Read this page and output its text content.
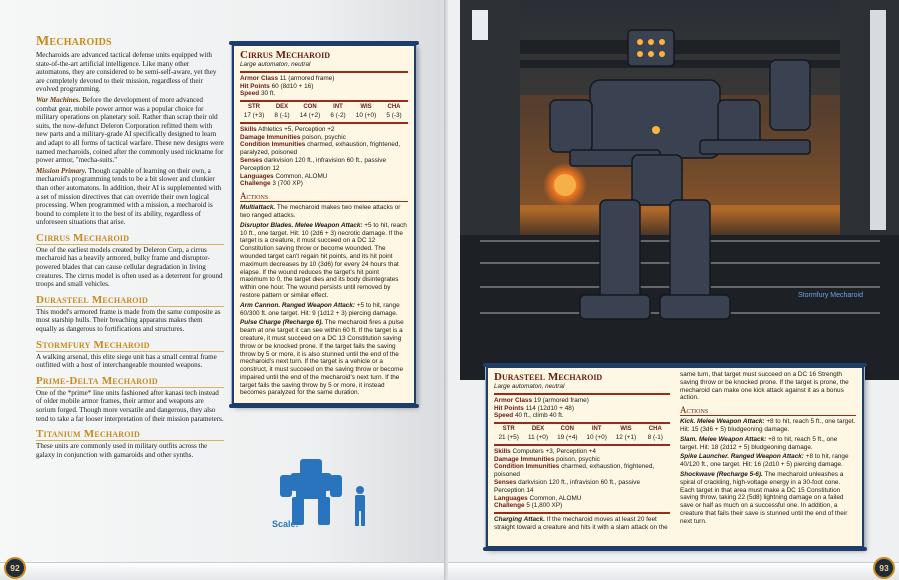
Mecharoids

Mecharoids are advanced tactical defense units equipped with state-of-the-art artificial intelligence. Like many other automatons, they are considered to be semi-self-aware, yet they are completely devoted to their mission, regardless of their evolved programming.

War Machines. Before the development of more advanced combat gear, mobile power armor was a popular choice for military operations on planetary soil. Rather than scrap their old suits, the now-defunct Deleron Corporation refitted them with new parts and a military-grade AI specifically designed to learn and adapt to all forms of tactical warfare. These new designs were named mecharoids, coined after the commonly used nickname for power armor, "mecha-suits."

Mission Primary. Though capable of learning on their own, a mecharoid's programming tends to be a bit slower and clunkier than other automatons. In addition, their AI is supplemented with a set of mission directives that can override their own logical processing. When programmed with a mission, a mecharoid is bound to complete it to the best of its ability, regardless of unforeseen situations that arise.

Cirrus Mecharoid

One of the earliest models created by Deleron Corp, a cirrus mecharoid has a heavily armored, bulky frame and disruptor-powered blades that can cause cellular degradation in living creatures. The cirrus model is often used as a deterrent for ground troops and small vehicles.

Durasteel Mecharoid

This model's armored frame is made from the same composite as most starship hulls. Their breaching apparatus makes them equally as dangerous to fortifications and structures.

Stormfury Mecharoid

A walking arsenal, this elite siege unit has a small central frame outfitted with a host of interchangeable mounted weapons.

Prime-Delta Mecharoid

One of the *prime* line units fashioned after kanasi tech instead of older mobile armor frames, their armor and weapons are sorium forged. Though more versatile and dangerous, they also tend to take a far looser interpretation of their mission parameters.

Titanium Mecharoid

These units are commonly used in military outfits across the galaxy in conjunction with gamaroids and other synths.

Cirrus Mecharoid
Large automaton, neutral
Armor Class 11 (armored frame)
Hit Points 60 (8d10 + 16)
Speed 30 ft.
STR
17 (+3)
DEX
8 (-1)
CON
14 (+2)
INT
6 (-2)
WIS
10 (+0)
CHA
5 (-3)
Skills Athletics +5, Perception +2
Damage Immunities poison, psychic
Condition Immunities charmed, exhaustion, frightened, paralyzed, poisoned
Senses darkvision 120 ft., infravision 60 ft., passive Perception 12
Languages Common, ALOMU
Challenge 3 (700 XP)
Actions

Multiattack. The mecharoid makes two melee attacks or two ranged attacks.

Disruptor Blades. Melee Weapon Attack: +5 to hit, reach 10 ft., one target. Hit: 10 (2d6 + 3) necrotic damage. If the target is a creature, it must succeed on a DC 12 Constitution saving throw or become wounded. The wounded target can't regain hit points, and its hit point maximum decreases by 10 (3d6) for every 24 hours that elapse. If the wound reduces the target's hit point maximum to 0, the target dies and its body disintegrates within one hour. The wound persists until removed by restore pattern or similar effect.

Arm Cannon. Ranged Weapon Attack: +5 to hit, range 60/300 ft. one target. Hit: 9 (1d12 + 3) piercing damage.

Pulse Charge (Recharge 6). The mecharoid fires a pulse beam at one target it can see within 60 ft. If the target is a creature, it must succeed on a DC 13 Constitution saving throw or be knocked prone. If the target fails the saving throw by 5 or more, it is also stunned until the end of the mecharoid's next turn. If the target is a vehicle or a construct, it must succeed on the saving throw or become impaired until the end of the mecharoid's next turn. If the target fails the saving throw by 5 or more, it instead becomes paralyzed for the same duration.

Scale:
92
Stormfury Mecharoid
Durasteel Mecharoid
Large automaton, neutral
Armor Class 19 (armored frame)
Hit Points 114 (12d10 + 48)
Speed 40 ft., climb 40 ft.
STR
21 (+5)
DEX
11 (+0)
CON
19 (+4)
INT
10 (+0)
WIS
12 (+1)
CHA
8 (-1)
Skills Computers +3, Perception +4
Damage Immunities poison, psychic
Condition Immunities charmed, exhaustion, frightened, poisoned
Senses darkvision 120 ft., infravision 60 ft., passive Perception 14
Languages Common, ALOMU
Challenge 5 (1,800 XP)

Charging Attack. If the mecharoid moves at least 20 feet straight toward a creature and hits it with a slam attack on the

same turn, that target must succeed on a DC 16 Strength saving throw or be knocked prone. If the target is prone, the mecharoid can make one kick attack against it as a bonus action.

Actions

Kick. Melee Weapon Attack: +8 to hit, reach 5 ft., one target. Hit: 15 (3d6 + 5) bludgeoning damage.

Slam. Melee Weapon Attack: +8 to hit, reach 5 ft., one target. Hit: 18 (2d12 + 5) bludgeoning damage.

Spike Launcher. Ranged Weapon Attack: +8 to hit, range 40/120 ft., one target. Hit: 16 (2d10 + 5) piercing damage.

Shockwave (Recharge 5-6). The mecharoid unleashes a spiral of crackling, high-voltage energy in a 30-foot cone. Each target in that area must make a DC 15 Constitution saving throw, taking 22 (5d8) lightning damage on a failed save or half as much on a successful one. In addition, a creature that fails their save is stunned until the end of their next turn.

93
